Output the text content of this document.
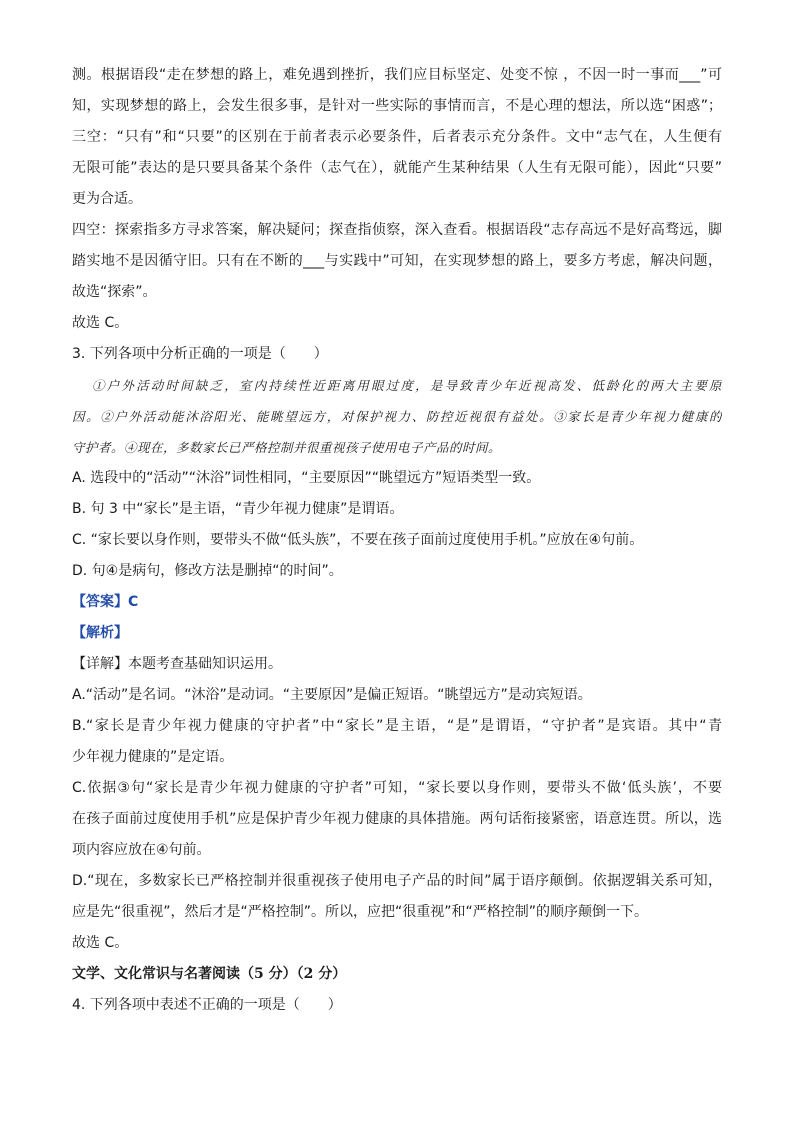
测。根据语段“走在梦想的路上，难免遇到挫折，我们应目标坚定、处变不惊 ，不因一时一事而___”可
知，实现梦想的路上，会发生很多事，是针对一些实际的事情而言，不是心理的想法，所以选“困惑”；
三空：“只有”和“只要”的区别在于前者表示必要条件，后者表示充分条件。文中“志气在，人生便有
无限可能”表达的是只要具备某个条件（志气在），就能产生某种结果（人生有无限可能），因此“只要”
更为合适。
四空：探索指多方寻求答案，解决疑问；探查指侦察，深入查看。根据语段“志存高远不是好高骛远，脚
踏实地不是因循守旧。只有在不断的___与实践中”可知，在实现梦想的路上，要多方考虑，解决问题，
故选“探索”。
故选 C。
3. 下列各项中分析正确的一项是（　　）
①户外活动时间缺乏，室内持续性近距离用眼过度，是导致青少年近视高发、低龄化的两大主要原
因。②户外活动能沐浴阳光、能眺望远方，对保护视力、防控近视很有益处。③家长是青少年视力健康的
守护者。④现在，多数家长已严格控制并很重视孩子使用电子产品的时间。
A. 选段中的“活动”“沐浴”词性相同，“主要原因”“眺望远方”短语类型一致。
B. 句 3 中“家长”是主语，“青少年视力健康”是谓语。
C. “家长要以身作则，要带头不做“低头族”，不要在孩子面前过度使用手机。”应放在④句前。
D. 句④是病句，修改方法是删掉“的时间”。
【答案】C
【解析】
【详解】本题考查基础知识运用。
A.“活动”是名词。“沐浴”是动词。“主要原因”是偏正短语。“眺望远方”是动宾短语。
B.“家长是青少年视力健康的守护者”中“家长”是主语，“是”是谓语，“守护者”是宾语。其中“青
少年视力健康的”是定语。
C.依据③句“家长是青少年视力健康的守护者”可知，“家长要以身作则，要带头不做‘低头族’，不要
在孩子面前过度使用手机”应是保护青少年视力健康的具体措施。两句话衔接紧密，语意连贯。所以，选
项内容应放在④句前。
D.“现在，多数家长已严格控制并很重视孩子使用电子产品的时间”属于语序颠倒。依据逻辑关系可知，
应是先“很重视”，然后才是“严格控制”。所以，应把“很重视”和“严格控制”的顺序颠倒一下。
故选 C。
文学、文化常识与名著阅读（5 分）（2 分）
4. 下列各项中表述不正确的一项是（　　）
